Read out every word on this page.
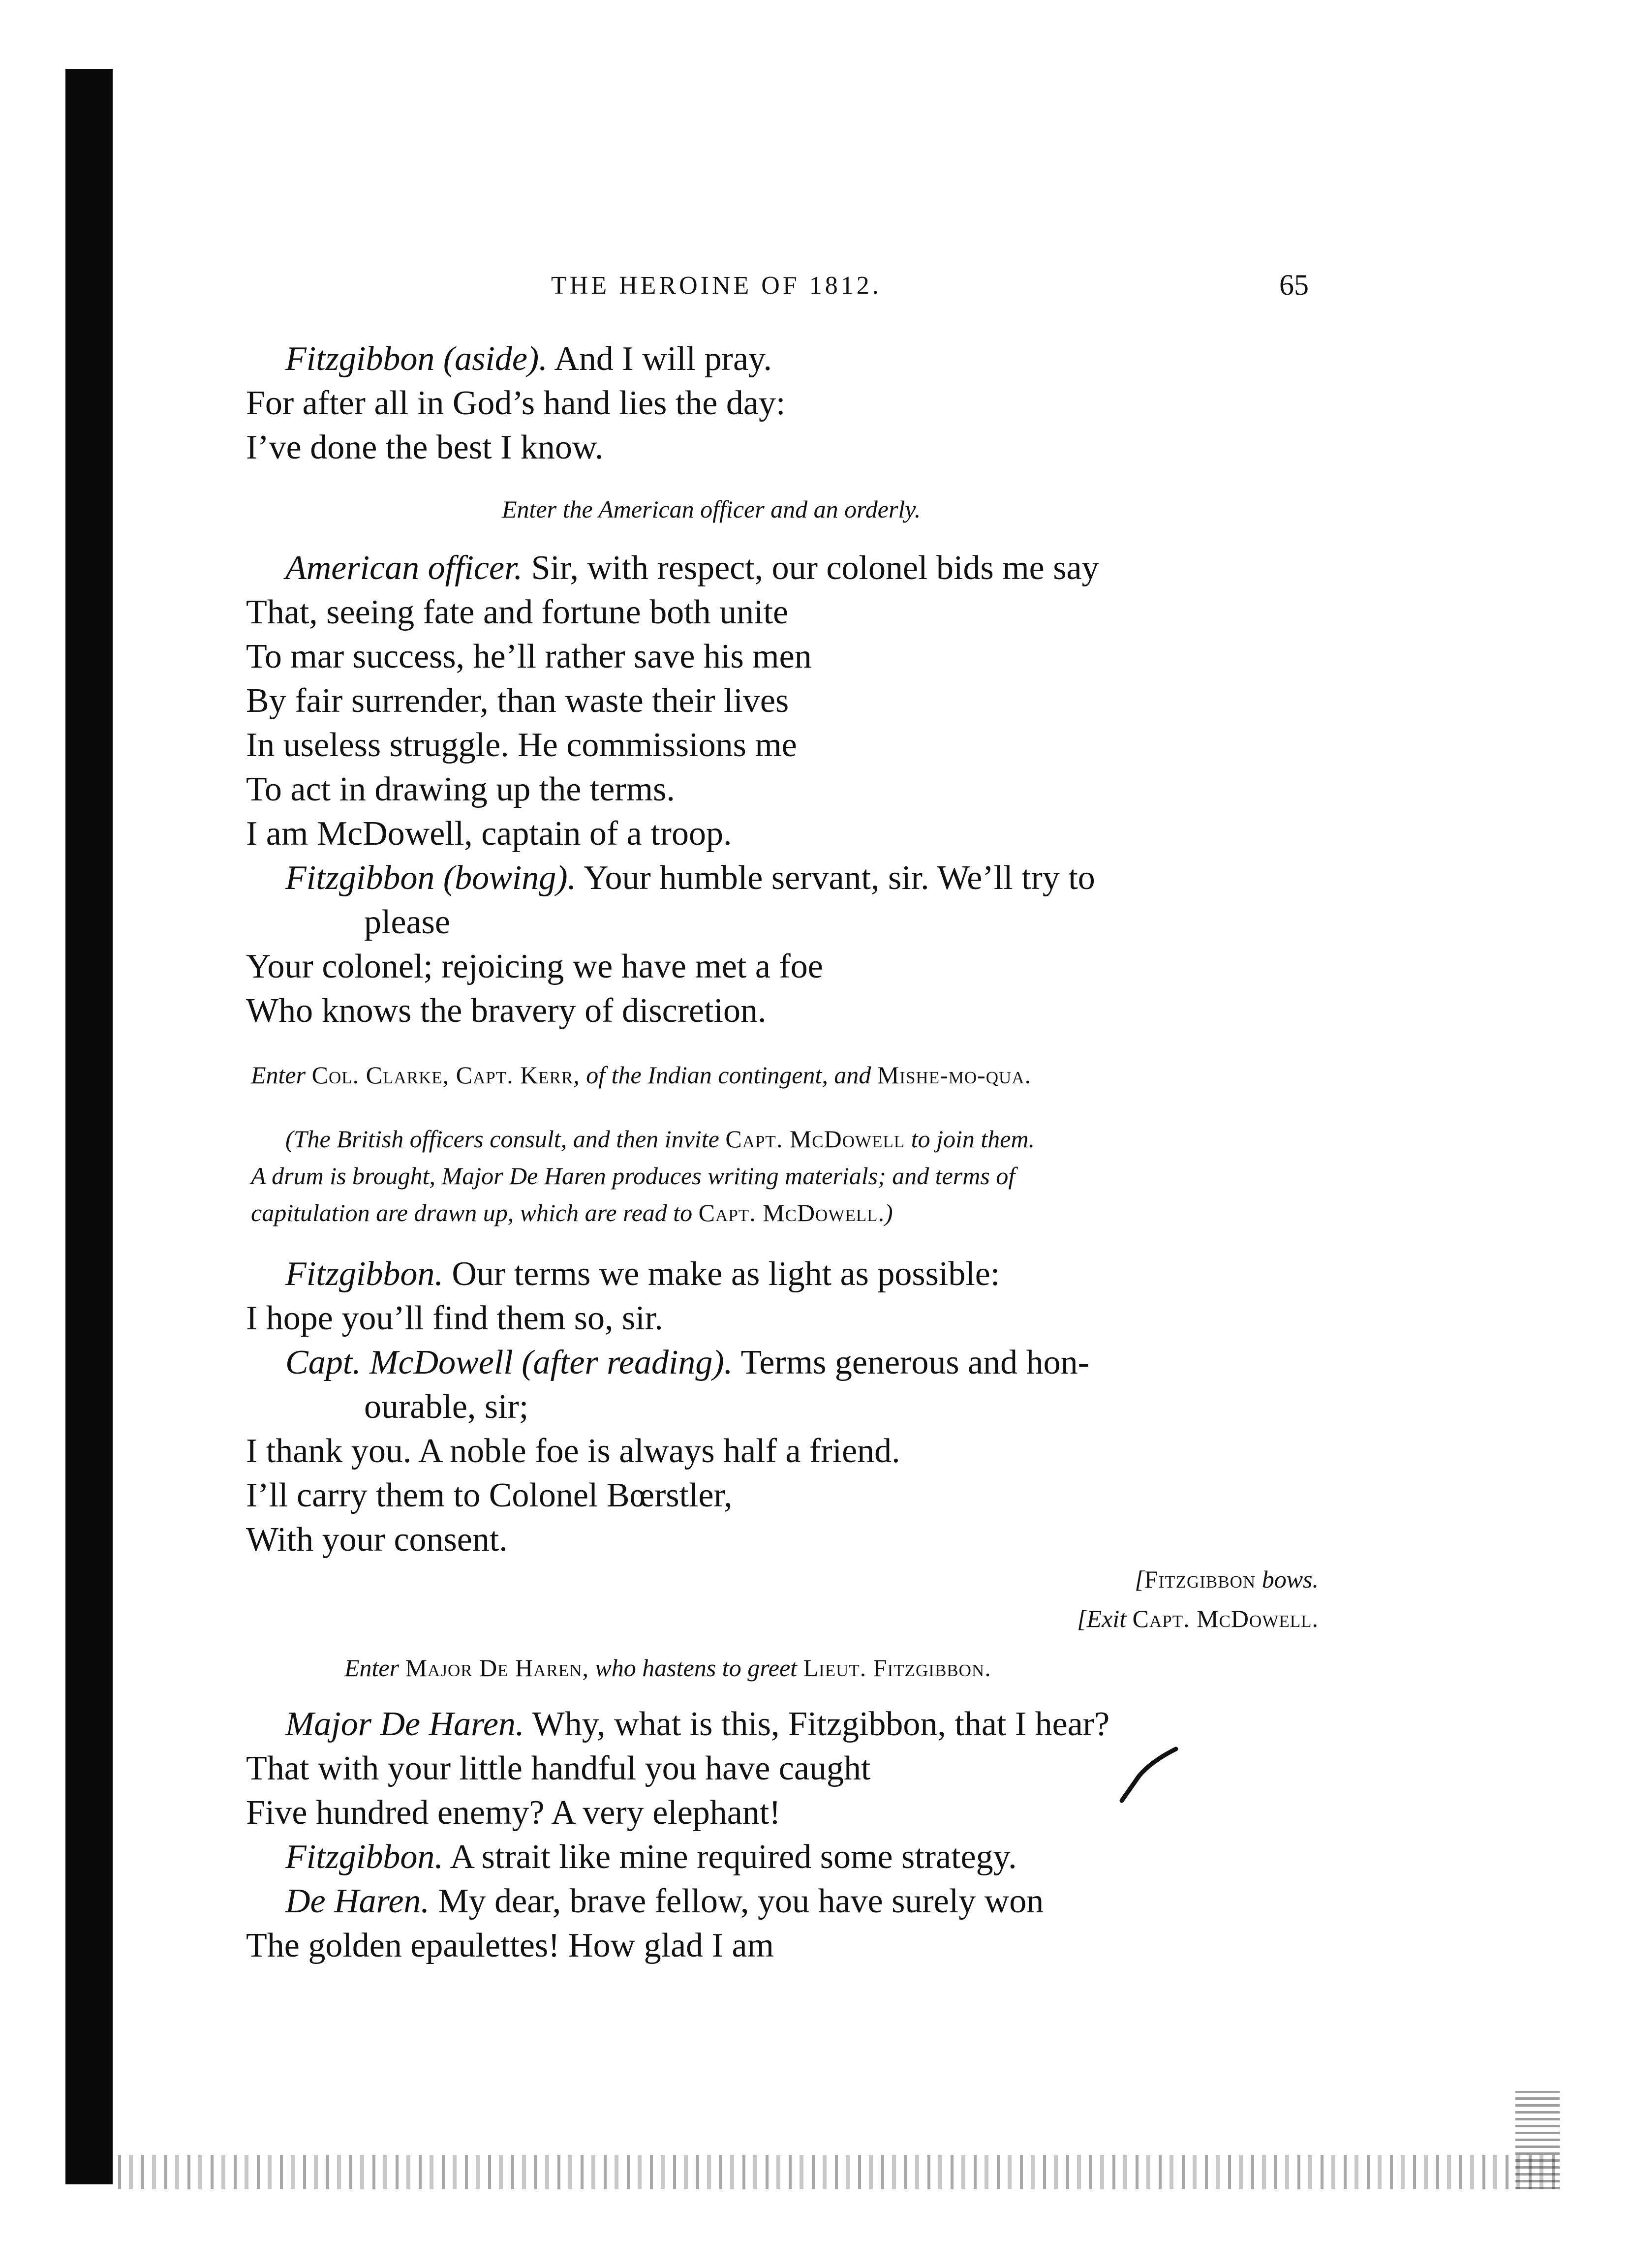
THE HEROINE OF 1812.	65
Fitzgibbon (aside). And I will pray.
For after all in God’s hand lies the day:
I’ve done the best I know.
Enter the American officer and an orderly.
American officer. Sir, with respect, our colonel bids me say
That, seeing fate and fortune both unite
To mar success, he’ll rather save his men
By fair surrender, than waste their lives
In useless struggle. He commissions me
To act in drawing up the terms.
I am McDowell, captain of a troop.
Fitzgibbon (bowing). Your humble servant, sir. We’ll try to
please
Your colonel; rejoicing we have met a foe
Who knows the bravery of discretion.
Enter Col. Clarke, Capt. Kerr, of the Indian contingent, and Mishe-mo-qua.
(The British officers consult, and then invite Capt. McDowell to join them.
A drum is brought, Major De Haren produces writing materials; and terms of
capitulation are drawn up, which are read to Capt. McDowell.)
Fitzgibbon. Our terms we make as light as possible:
I hope you’ll find them so, sir.
Capt. McDowell (after reading). Terms generous and hon-
ourable, sir;
I thank you. A noble foe is always half a friend.
I’ll carry them to Colonel Bœrstler,
With your consent.
[Fitzgibbon bows.
[Exit Capt. McDowell.
Enter Major De Haren, who hastens to greet Lieut. Fitzgibbon.
Major De Haren. Why, what is this, Fitzgibbon, that I hear?
That with your little handful you have caught
Five hundred enemy? A very elephant!
Fitzgibbon. A strait like mine required some strategy.
De Haren. My dear, brave fellow, you have surely won
The golden epaulettes! How glad I am
